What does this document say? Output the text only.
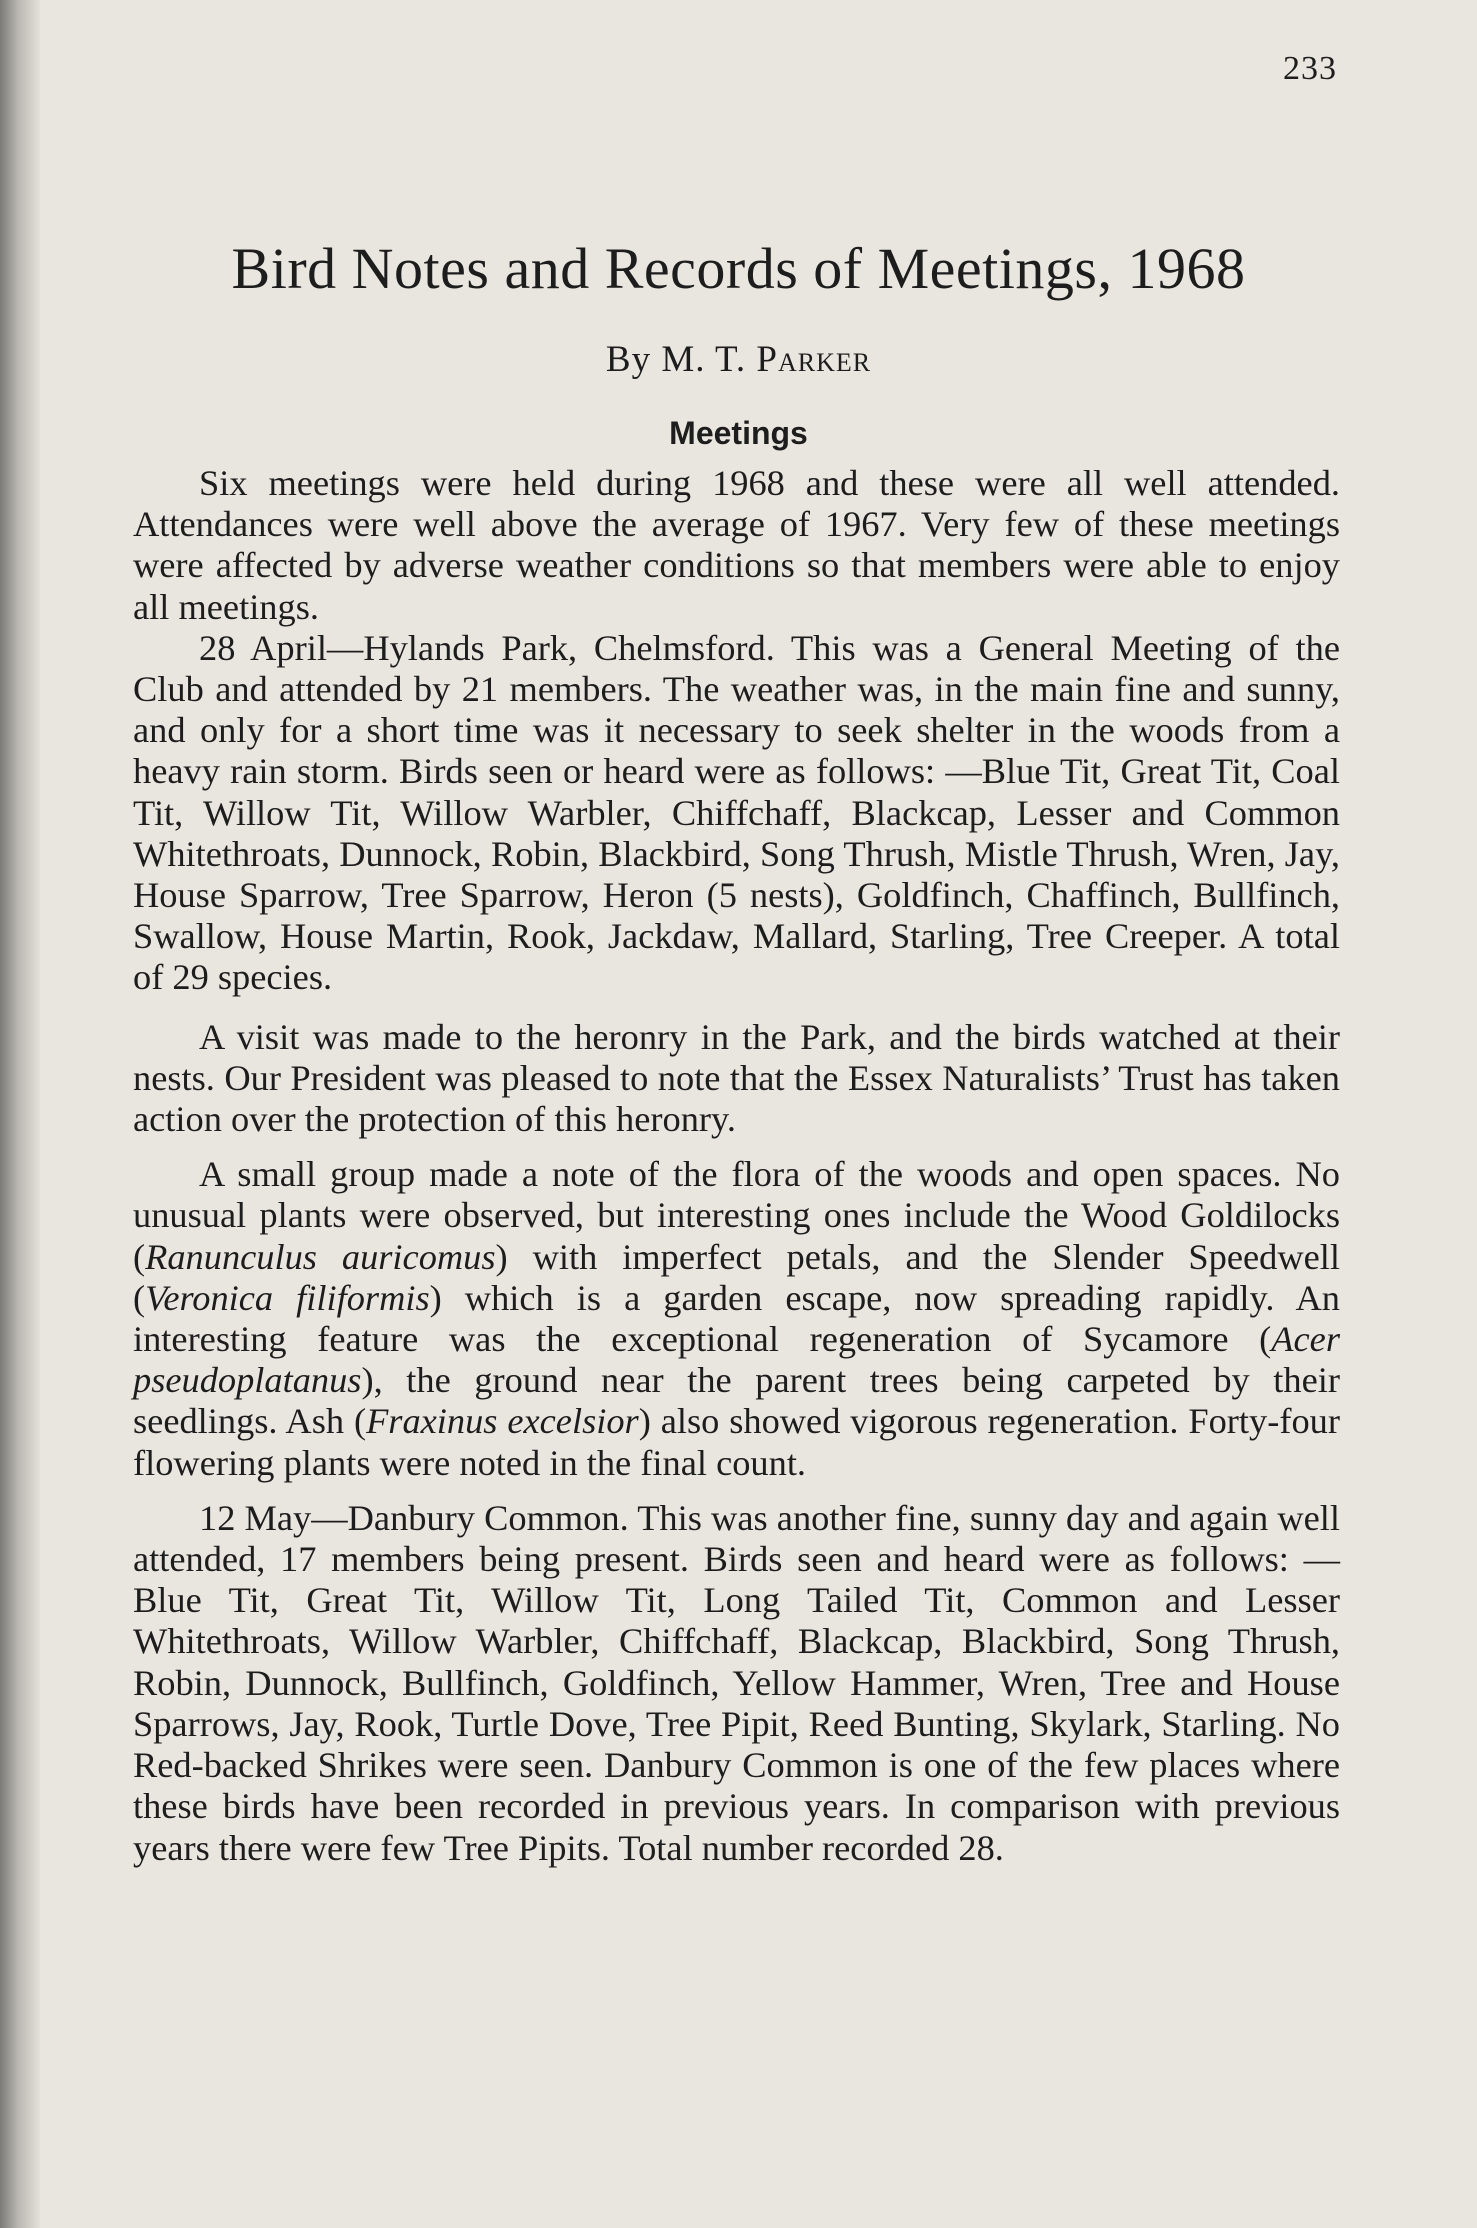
233
Bird Notes and Records of Meetings, 1968
By M. T. Parker
Meetings

Six meetings were held during 1968 and these were all well attended. Attendances were well above the average of 1967. Very few of these meetings were affected by adverse weather conditions so that members were able to enjoy all meetings.

28 April—Hylands Park, Chelmsford. This was a General Meeting of the Club and attended by 21 members. The weather was, in the main fine and sunny, and only for a short time was it necessary to seek shelter in the woods from a heavy rain storm. Birds seen or heard were as follows: —Blue Tit, Great Tit, Coal Tit, Willow Tit, Willow Warbler, Chiffchaff, Blackcap, Lesser and Common Whitethroats, Dunnock, Robin, Blackbird, Song Thrush, Mistle Thrush, Wren, Jay, House Sparrow, Tree Sparrow, Heron (5 nests), Goldfinch, Chaffinch, Bullfinch, Swallow, House Martin, Rook, Jackdaw, Mallard, Starling, Tree Creeper. A total of 29 species.

A visit was made to the heronry in the Park, and the birds watched at their nests. Our President was pleased to note that the Essex Naturalists’ Trust has taken action over the protection of this heronry.

A small group made a note of the flora of the woods and open spaces. No unusual plants were observed, but interesting ones include the Wood Goldilocks (Ranunculus auricomus) with imperfect petals, and the Slender Speedwell (Veronica filiformis) which is a garden escape, now spreading rapidly. An interesting feature was the exceptional regeneration of Sycamore (Acer pseudoplatanus), the ground near the parent trees being carpeted by their seedlings. Ash (Fraxinus excelsior) also showed vigorous regeneration. Forty-four flowering plants were noted in the final count.

12 May—Danbury Common. This was another fine, sunny day and again well attended, 17 members being present. Birds seen and heard were as follows: —Blue Tit, Great Tit, Willow Tit, Long Tailed Tit, Common and Lesser Whitethroats, Willow Warbler, Chiffchaff, Blackcap, Blackbird, Song Thrush, Robin, Dunnock, Bullfinch, Goldfinch, Yellow Hammer, Wren, Tree and House Sparrows, Jay, Rook, Turtle Dove, Tree Pipit, Reed Bunting, Skylark, Starling. No Red-backed Shrikes were seen. Danbury Common is one of the few places where these birds have been recorded in previous years. In comparison with previous years there were few Tree Pipits. Total number recorded 28.
